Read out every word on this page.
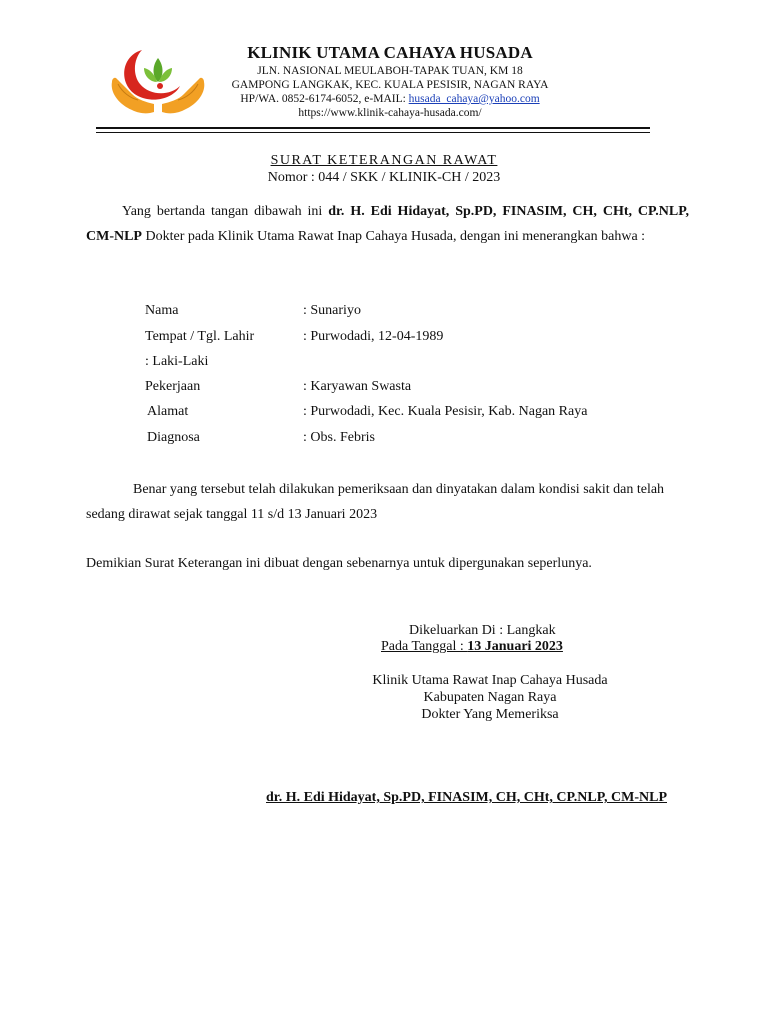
KLINIK UTAMA CAHAYA HUSADA
JLN. NASIONAL MEULABOH-TAPAK TUAN, KM 18
GAMPONG LANGKAK, KEC. KUALA PESISIR, NAGAN RAYA
HP/WA. 0852-6174-6052, e-MAIL: husada_cahaya@yahoo.com
https://www.klinik-cahaya-husada.com/
SURAT KETERANGAN RAWAT
Nomor : 044 / SKK / KLINIK-CH / 2023
Yang bertanda tangan dibawah ini dr. H. Edi Hidayat, Sp.PD, FINASIM, CH, CHt, CP.NLP, CM-NLP Dokter pada Klinik Utama Rawat Inap Cahaya Husada, dengan ini menerangkan bahwa :
Nama	: Sunariyo
Tempat / Tgl. Lahir	: Purwodadi, 12-04-1989
: Laki-Laki
Pekerjaan	: Karyawan Swasta
Alamat	: Purwodadi, Kec. Kuala Pesisir, Kab. Nagan Raya
Diagnosa	: Obs. Febris
Benar yang tersebut telah dilakukan pemeriksaan dan dinyatakan dalam kondisi sakit dan telah sedang dirawat sejak tanggal 11 s/d 13 Januari 2023
Demikian Surat Keterangan ini dibuat dengan sebenarnya untuk dipergunakan seperlunya.
Dikeluarkan Di : Langkak
Pada Tanggal : 13 Januari 2023
Klinik Utama Rawat Inap Cahaya Husada
Kabupaten Nagan Raya
Dokter Yang Memeriksa
dr. H. Edi Hidayat, Sp.PD, FINASIM, CH, CHt, CP.NLP, CM-NLP
